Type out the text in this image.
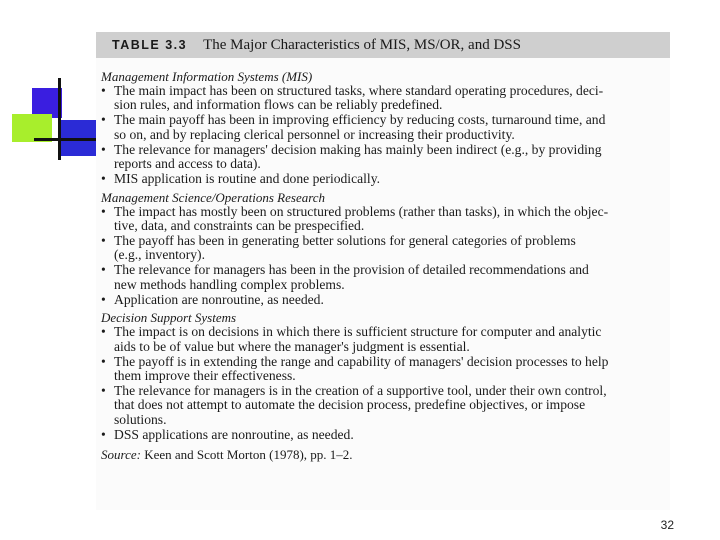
TABLE 3.3 The Major Characteristics of MIS, MS/OR, and DSS
Management Information Systems (MIS)
• The main impact has been on structured tasks, where standard operating procedures, deci-
sion rules, and information flows can be reliably predefined.
• The main payoff has been in improving efficiency by reducing costs, turnaround time, and
so on, and by replacing clerical personnel or increasing their productivity.
• The relevance for managers' decision making has mainly been indirect (e.g., by providing
reports and access to data).
• MIS application is routine and done periodically.
Management Science/Operations Research
• The impact has mostly been on structured problems (rather than tasks), in which the objec-
tive, data, and constraints can be prespecified.
• The payoff has been in generating better solutions for general categories of problems
(e.g., inventory).
• The relevance for managers has been in the provision of detailed recommendations and
new methods handling complex problems.
• Application are nonroutine, as needed.
Decision Support Systems
• The impact is on decisions in which there is sufficient structure for computer and analytic
aids to be of value but where the manager's judgment is essential.
• The payoff is in extending the range and capability of managers' decision processes to help
them improve their effectiveness.
• The relevance for managers is in the creation of a supportive tool, under their own control,
that does not attempt to automate the decision process, predefine objectives, or impose
solutions.
• DSS applications are nonroutine, as needed.
Source: Keen and Scott Morton (1978), pp. 1–2.
32
